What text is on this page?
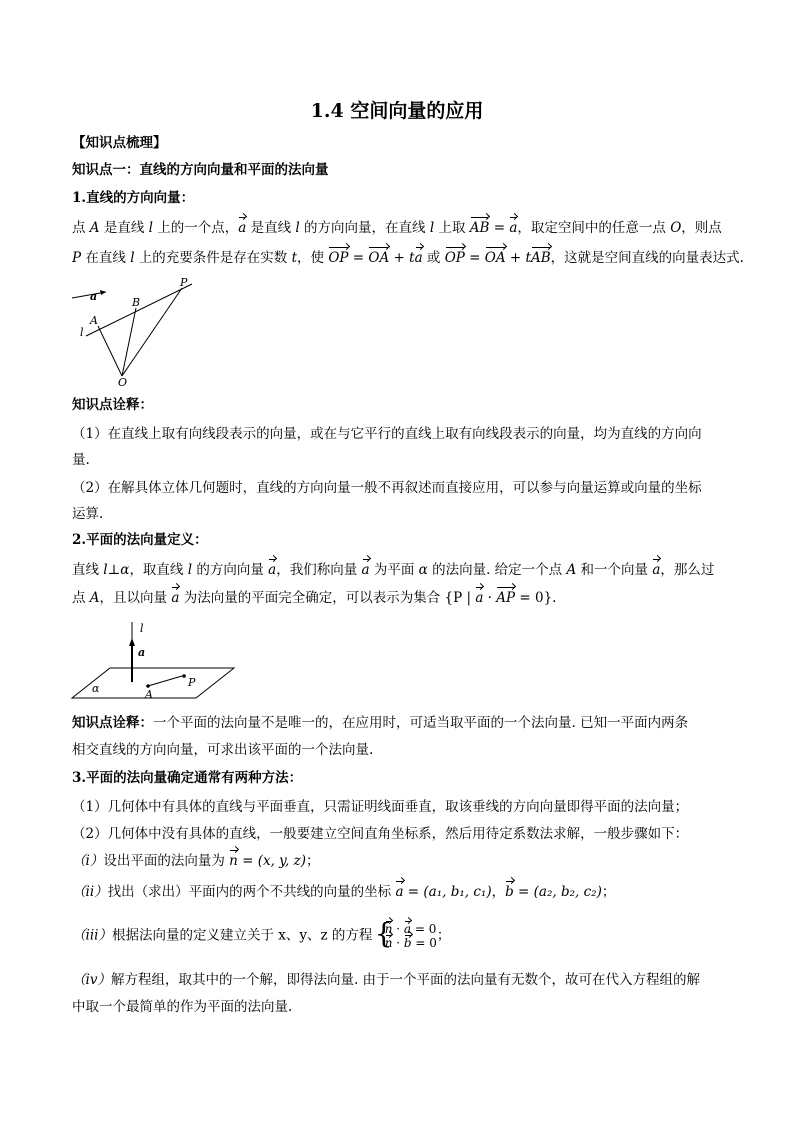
1.4 空间向量的应用
【知识点梳理】
知识点一：直线的方向向量和平面的法向量
1.直线的方向向量：
点 A 是直线 l 上的一个点，a 是直线 l 的方向向量，在直线 l 上取 AB = a，取定空间中的任意一点 O，则点
P 在直线 l 上的充要条件是存在实数 t，使 OP = OA + ta 或 OP = OA + tAB，这就是空间直线的向量表达式.
a
P
B
A
l
O
知识点诠释：
（1）在直线上取有向线段表示的向量，或在与它平行的直线上取有向线段表示的向量，均为直线的方向向
量.
（2）在解具体立体几何题时，直线的方向向量一般不再叙述而直接应用，可以参与向量运算或向量的坐标
运算.
2.平面的法向量定义：
直线 l⊥α，取直线 l 的方向向量 a，我们称向量 a 为平面 α 的法向量. 给定一个点 A 和一个向量 a，那么过
点 A，且以向量 a 为法向量的平面完全确定，可以表示为集合 {P | a · AP = 0}.
l
a
P
A
α
知识点诠释：一个平面的法向量不是唯一的，在应用时，可适当取平面的一个法向量. 已知一平面内两条
相交直线的方向向量，可求出该平面的一个法向量.
3.平面的法向量确定通常有两种方法：
（1）几何体中有具体的直线与平面垂直，只需证明线面垂直，取该垂线的方向向量即得平面的法向量；
（2）几何体中没有具体的直线，一般要建立空间直角坐标系，然后用待定系数法求解，一般步骤如下：
（i）设出平面的法向量为 n = (x, y, z)；
（ii）找出（求出）平面内的两个不共线的向量的坐标 a = (a₁, b₁, c₁)，b = (a₂, b₂, c₂)；
（iii）根据法向量的定义建立关于 x、y、z 的方程
{ n · a = 0
n · b = 0 ；
（iv）解方程组，取其中的一个解，即得法向量. 由于一个平面的法向量有无数个，故可在代入方程组的解
中取一个最简单的作为平面的法向量.
